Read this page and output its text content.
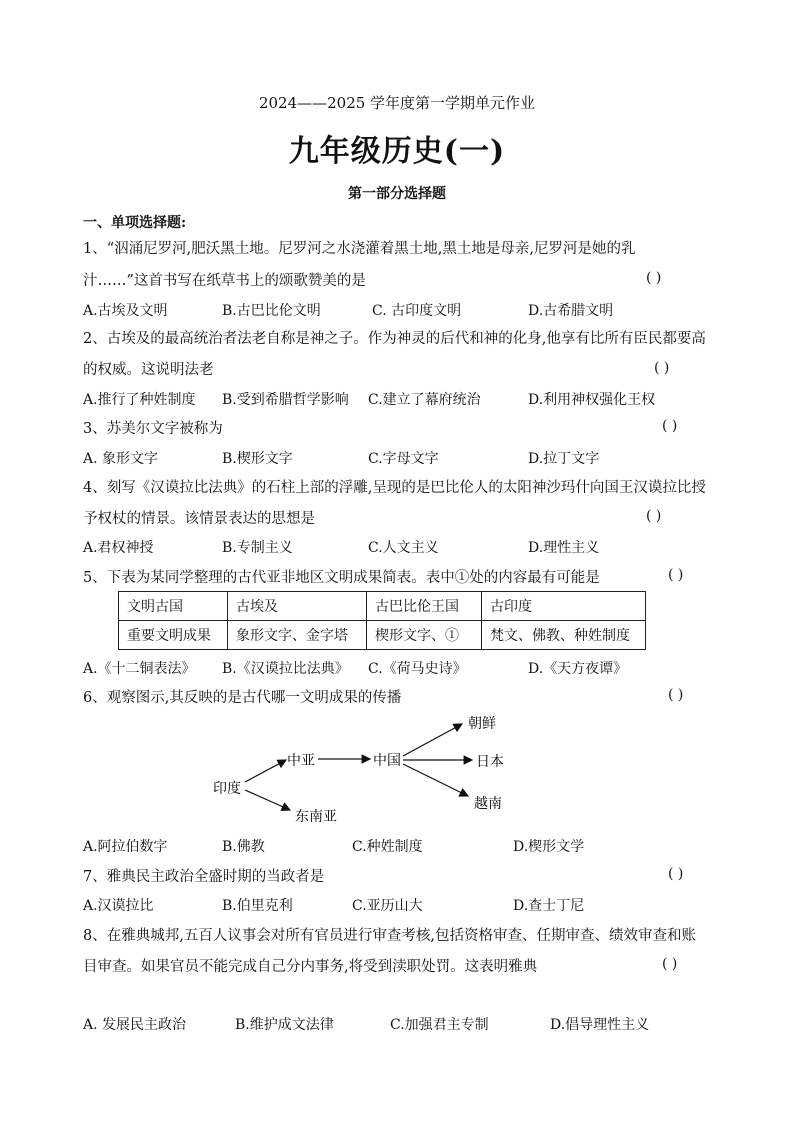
2024——2025 学年度第一学期单元作业
九年级历史(一)
第一部分选择题
一、单项选择题:
1、“泅涌尼罗河,肥沃黑土地。尼罗河之水浇灌着黑土地,黑土地是母亲,尼罗河是她的乳
汁……”这首书写在纸草书上的颂歌赞美的是	( )
A.古埃及文明	B.古巴比伦文明	C. 古印度文明	D.古希腊文明
2、古埃及的最高统治者法老自称是神之子。作为神灵的后代和神的化身,他享有比所有臣民都要高
的权威。这说明法老	( )
A.推行了种姓制度 B.受到希腊哲学影响 C.建立了幕府统治	D.利用神权强化王权
3、苏美尔文字被称为	( )
A. 象形文字	B.楔形文字	C.字母文字	D.拉丁文字
4、刻写《汉谟拉比法典》的石柱上部的浮雕,呈现的是巴比伦人的太阳神沙玛什向国王汉谟拉比授
予权杖的情景。该情景表达的思想是	( )
A.君权神授	B.专制主义	C.人文主义	D.理性主义
5、下表为某同学整理的古代亚非地区文明成果简表。表中①处的内容最有可能是	( )
文明古国	古埃及	古巴比伦王国	古印度
重要文明成果	象形文字、金字塔	楔形文字、①	梵文、佛教、种姓制度
A.《十二铜表法》 B.《汉谟拉比法典》 C.《荷马史诗》	D.《天方夜谭》
6、观察图示,其反映的是古代哪一文明成果的传播	( )
印度
中亚
东南亚
中国
朝鲜
日本
越南
A.阿拉伯数字	B.佛教	C.种姓制度	D.楔形文学
7、雅典民主政治全盛时期的当政者是	( )
A.汉谟拉比	B.伯里克利	C.亚历山大	D.查士丁尼
8、在雅典城邦,五百人议事会对所有官员进行审查考核,包括资格审查、任期审查、绩效审查和账
目审查。如果官员不能完成自己分内事务,将受到渎职处罚。这表明雅典	( )
A. 发展民主政治	B.维护成文法律	C.加强君主专制	D.倡导理性主义
